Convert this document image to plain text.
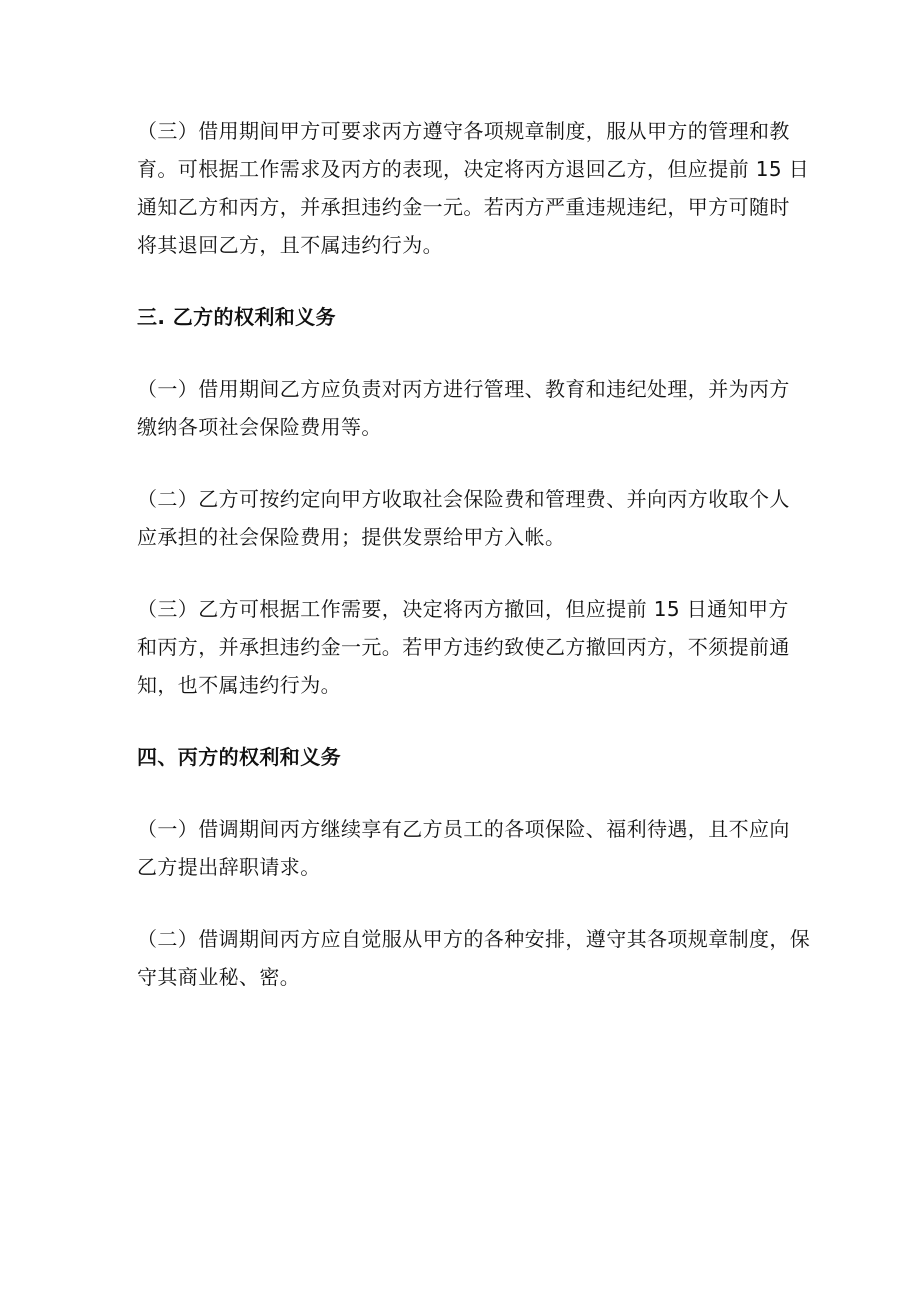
（三）借用期间甲方可要求丙方遵守各项规章制度，服从甲方的管理和教
育。可根据工作需求及丙方的表现，决定将丙方退回乙方，但应提前 15 日
通知乙方和丙方，并承担违约金一元。若丙方严重违规违纪，甲方可随时
将其退回乙方，且不属违约行为。
三. 乙方的权利和义务
（一）借用期间乙方应负责对丙方进行管理、教育和违纪处理，并为丙方
缴纳各项社会保险费用等。
（二）乙方可按约定向甲方收取社会保险费和管理费、并向丙方收取个人
应承担的社会保险费用；提供发票给甲方入帐。
（三）乙方可根据工作需要，决定将丙方撤回，但应提前 15 日通知甲方
和丙方，并承担违约金一元。若甲方违约致使乙方撤回丙方，不须提前通
知，也不属违约行为。
四、丙方的权利和义务
（一）借调期间丙方继续享有乙方员工的各项保险、福利待遇，且不应向
乙方提出辞职请求。
（二）借调期间丙方应自觉服从甲方的各种安排，遵守其各项规章制度，保
守其商业秘、密。
